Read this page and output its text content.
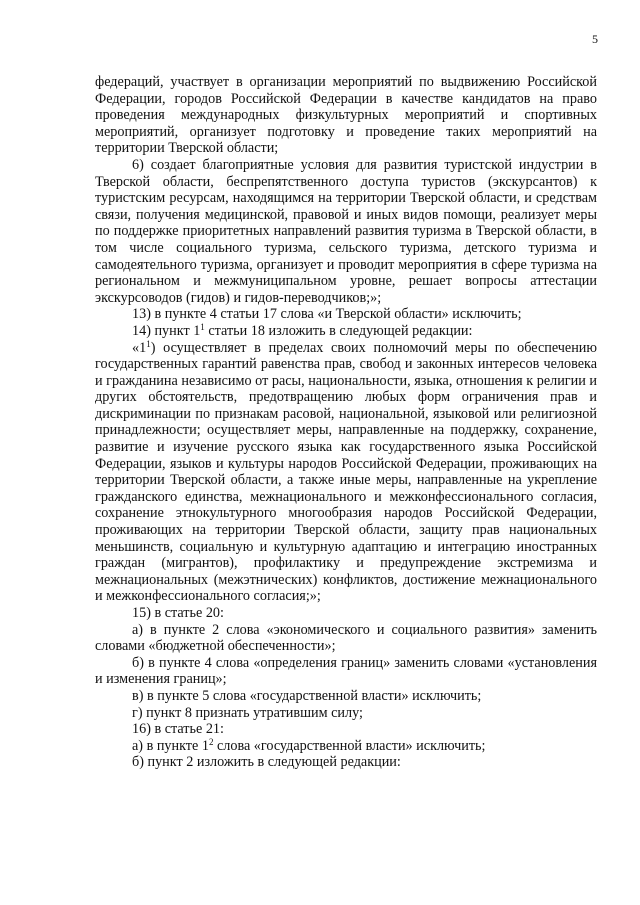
5

федераций, участвует в организации мероприятий по выдвижению Российской Федерации, городов Российской Федерации в качестве кандидатов на право проведения международных физкультурных мероприятий и спортивных мероприятий, организует подготовку и проведение таких мероприятий на территории Тверской области;

6) создает благоприятные условия для развития туристской индустрии в Тверской области, беспрепятственного доступа туристов (экскурсантов) к туристским ресурсам, находящимся на территории Тверской области, и средствам связи, получения медицинской, правовой и иных видов помощи, реализует меры по поддержке приоритетных направлений развития туризма в Тверской области, в том числе социального туризма, сельского туризма, детского туризма и самодеятельного туризма, организует и проводит мероприятия в сфере туризма на региональном и межмуниципальном уровне, решает вопросы аттестации экскурсоводов (гидов) и гидов-переводчиков;»;

13) в пункте 4 статьи 17 слова «и Тверской области» исключить;

14) пункт $1^1$ статьи 18 изложить в следующей редакции:

«$1^1$) осуществляет в пределах своих полномочий меры по обеспечению государственных гарантий равенства прав, свобод и законных интересов человека и гражданина независимо от расы, национальности, языка, отношения к религии и других обстоятельств, предотвращению любых форм ограничения прав и дискриминации по признакам расовой, национальной, языковой или религиозной принадлежности; осуществляет меры, направленные на поддержку, сохранение, развитие и изучение русского языка как государственного языка Российской Федерации, языков и культуры народов Российской Федерации, проживающих на территории Тверской области, а также иные меры, направленные на укрепление гражданского единства, межнационального и межконфессионального согласия, сохранение этнокультурного многообразия народов Российской Федерации, проживающих на территории Тверской области, защиту прав национальных меньшинств, социальную и культурную адаптацию и интеграцию иностранных граждан (мигрантов), профилактику и предупреждение экстремизма и межнациональных (межэтнических) конфликтов, достижение межнационального и межконфессионального согласия;»;

15) в статье 20:

а) в пункте 2 слова «экономического и социального развития» заменить словами «бюджетной обеспеченности»;

б) в пункте 4 слова «определения границ» заменить словами «установления и изменения границ»;

в) в пункте 5 слова «государственной власти» исключить;

г) пункт 8 признать утратившим силу;

16) в статье 21:

а) в пункте $1^2$ слова «государственной власти» исключить;

б) пункт 2 изложить в следующей редакции:
